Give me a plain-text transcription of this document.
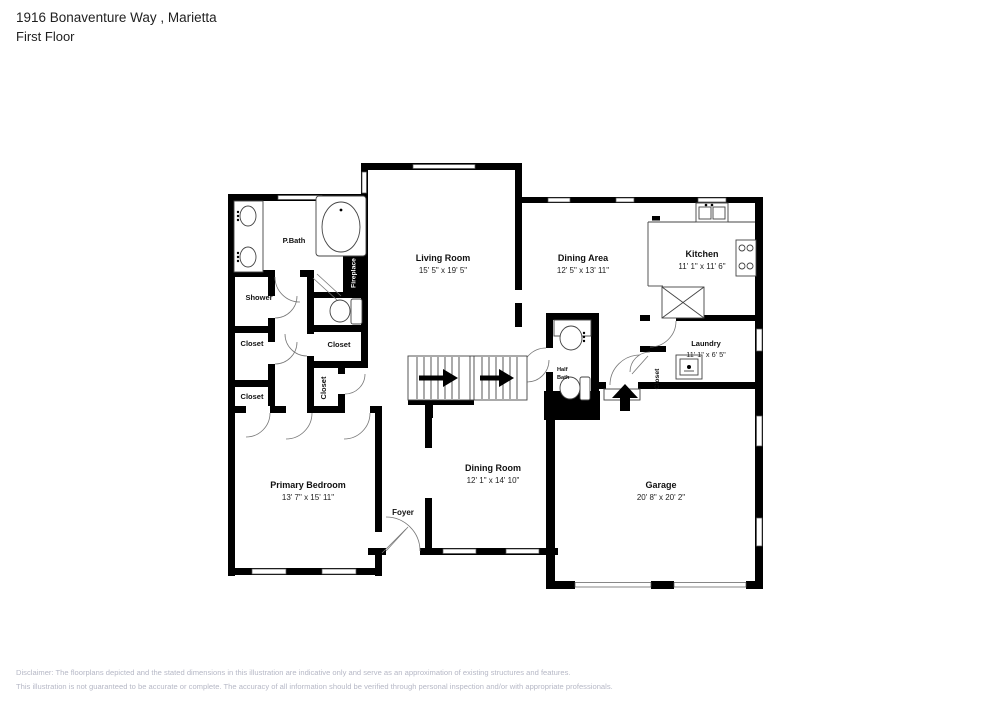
1916 Bonaventure Way , Marietta
First Floor
P.Bath
Shower
Closet
Closet
Closet
Closet	Closet
Fireplace
Living Room
15' 5" x 19' 5"
Dining Area
12' 5" x 13' 11"
Kitchen
11' 1" x 11' 6"
Laundry
11' 1" x 6' 5"
Half
Bath
Dining Room
12' 1" x 14' 10"
Foyer
Primary Bedroom
13' 7" x 15' 11"
Garage
20' 8" x 20' 2"
Disclaimer: The floorplans depicted and the stated dimensions in this illustration are indicative only and serve as an approximation of existing structures and features.
This illustration is not guaranteed to be accurate or complete. The accuracy of all information should be verified through personal inspection and/or with appropriate professionals.
